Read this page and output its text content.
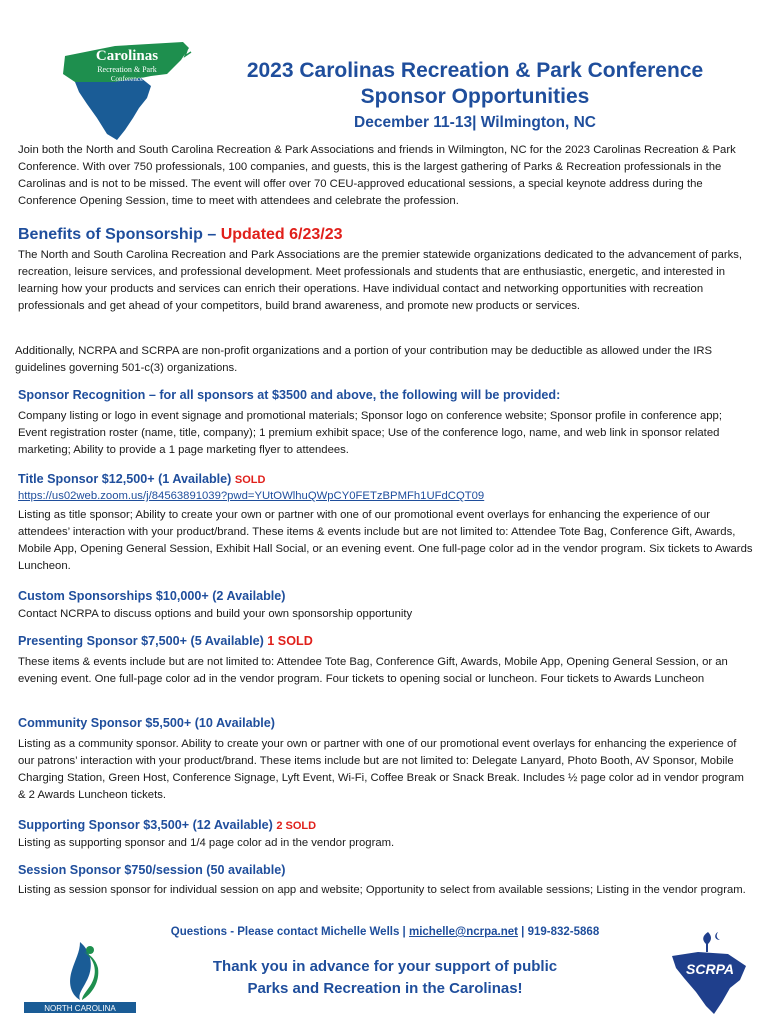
Carolinas
Recreation & Park
Conference	2023 Carolinas Recreation & Park Conference
Sponsor Opportunities
December 11-13| Wilmington, NC
Join both the North and South Carolina Recreation & Park Associations and friends in Wilmington, NC for the 2023 Carolinas Recreation & Park Conference. With over 750 professionals, 100 companies, and guests, this is the largest gathering of Parks & Recreation professionals in the Carolinas and is not to be missed. The event will offer over 70 CEU-approved educational sessions, a special keynote address during the Conference Opening Session, time to meet with attendees and celebrate the profession.
Benefits of Sponsorship – Updated 6/23/23
The North and South Carolina Recreation and Park Associations are the premier statewide organizations dedicated to the advancement of parks, recreation, leisure services, and professional development. Meet professionals and students that are enthusiastic, energetic, and interested in learning how your products and services can enrich their operations. Have individual contact and networking opportunities with recreation professionals and get ahead of your competitors, build brand awareness, and promote new products or services.
Additionally, NCRPA and SCRPA are non-profit organizations and a portion of your contribution may be deductible as allowed under the IRS guidelines governing 501-c(3) organizations.
Sponsor Recognition – for all sponsors at $3500 and above, the following will be provided:
Company listing or logo in event signage and promotional materials; Sponsor logo on conference website; Sponsor profile in conference app; Event registration roster (name, title, company); 1 premium exhibit space; Use of the conference logo, name, and web link in sponsor related marketing; Ability to provide a 1 page marketing flyer to attendees.
Title Sponsor $12,500+ (1 Available) SOLD
https://us02web.zoom.us/j/84563891039?pwd=YUtOWlhuQWpCY0FETzBPMFh1UFdCQT09
Listing as title sponsor; Ability to create your own or partner with one of our promotional event overlays for enhancing the experience of our attendees’ interaction with your product/brand. These items & events include but are not limited to: Attendee Tote Bag, Conference Gift, Awards, Mobile App, Opening General Session, Exhibit Hall Social, or an evening event. One full-page color ad in the vendor program. Six tickets to Awards Luncheon.
Custom Sponsorships $10,000+ (2 Available)
Contact NCRPA to discuss options and build your own sponsorship opportunity
Presenting Sponsor $7,500+ (5 Available) 1 SOLD
These items & events include but are not limited to: Attendee Tote Bag, Conference Gift, Awards, Mobile App, Opening General Session, or an evening event. One full-page color ad in the vendor program. Four tickets to opening social or luncheon. Four tickets to Awards Luncheon
Community Sponsor $5,500+ (10 Available)
Listing as a community sponsor. Ability to create your own or partner with one of our promotional event overlays for enhancing the experience of our patrons’ interaction with your product/brand. These items include but are not limited to: Delegate Lanyard, Photo Booth, AV Sponsor, Mobile Charging Station, Green Host, Conference Signage, Lyft Event, Wi-Fi, Coffee Break or Snack Break. Includes ½ page color ad in vendor program & 2 Awards Luncheon tickets.
Supporting Sponsor $3,500+ (12 Available) 2 SOLD
Listing as supporting sponsor and 1/4 page color ad in the vendor program.
Session Sponsor $750/session (50 available)
Listing as session sponsor for individual session on app and website; Opportunity to select from available sessions; Listing in the vendor program.
Questions - Please contact Michelle Wells | michelle@ncrpa.net | 919-832-5868
NORTH CAROLINA
Thank you in advance for your support of public
Parks and Recreation in the Carolinas!
SCRPA
